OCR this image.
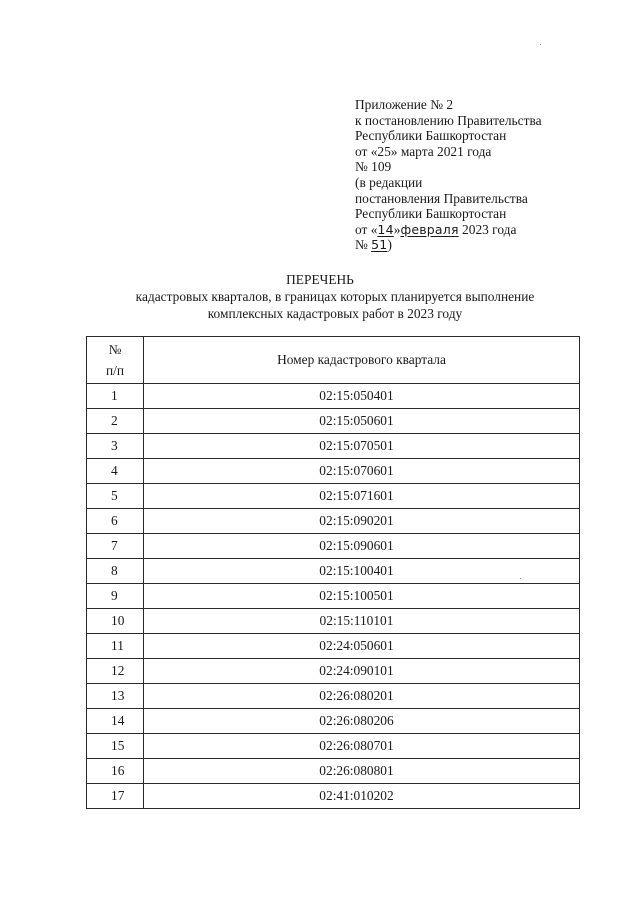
Приложение № 2
к постановлению Правительства
Республики Башкортостан
от «25» марта 2021 года
№ 109
(в редакции
постановления Правительства
Республики Башкортостан
от «14»февраля 2023 года
№ 51)
ПЕРЕЧЕНЬ
кадастровых кварталов, в границах которых планируется выполнение
комплексных кадастровых работ в 2023 году
№
п/п	Номер кадастрового квартала
1	02:15:050401
2	02:15:050601
3	02:15:070501
4	02:15:070601
5	02:15:071601
6	02:15:090201
7	02:15:090601
8	02:15:100401
9	02:15:100501
10	02:15:110101
11	02:24:050601
12	02:24:090101
13	02:26:080201
14	02:26:080206
15	02:26:080701
16	02:26:080801
17	02:41:010202
